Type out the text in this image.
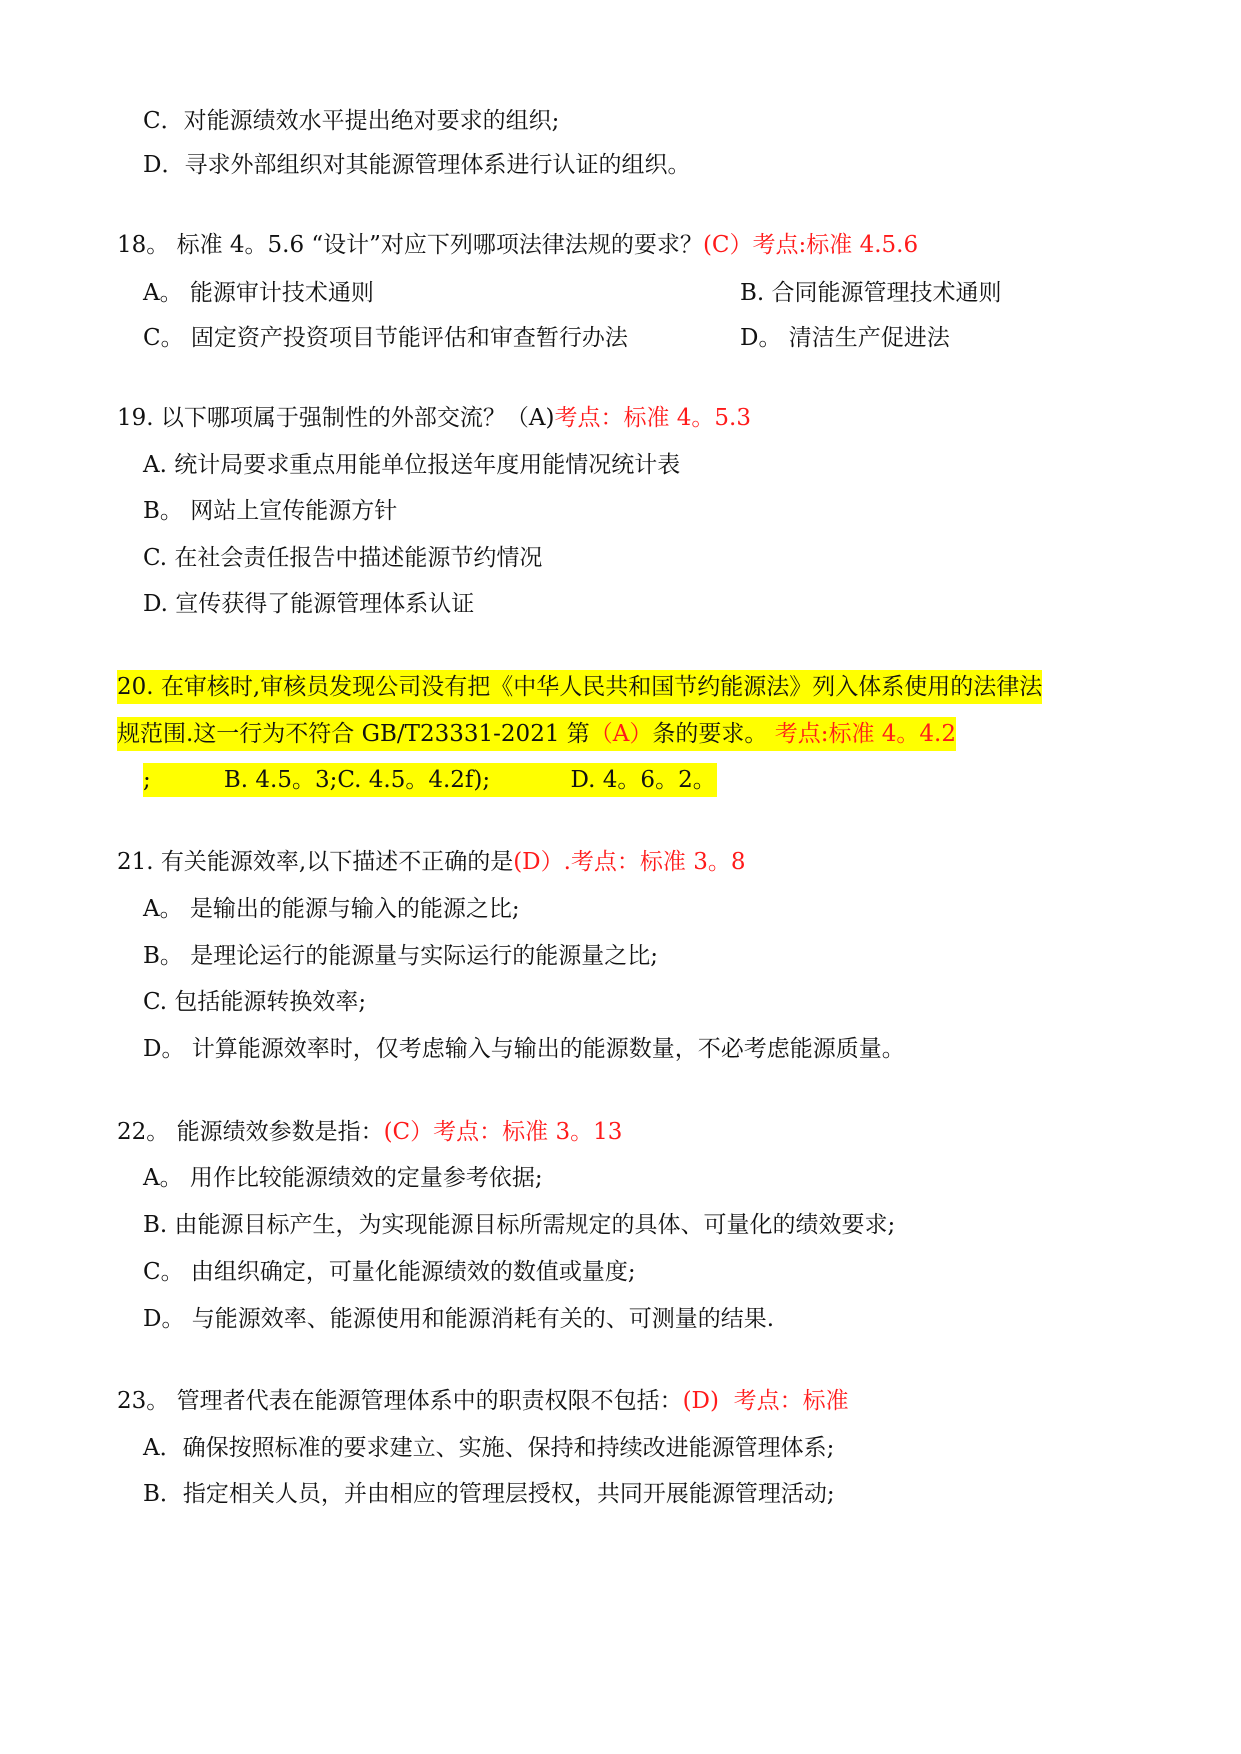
C．对能源绩效水平提出绝对要求的组织;
D．寻求外部组织对其能源管理体系进行认证的组织。
18。 标准 4。5.6 “设计”对应下列哪项法律法规的要求？(C）考点:标准 4.5.6
A。 能源审计技术通则	B. 合同能源管理技术通则
C。 固定资产投资项目节能评估和审查暂行办法	D。 清洁生产促进法
19. 以下哪项属于强制性的外部交流？（A)考点：标准 4。5.3
A. 统计局要求重点用能单位报送年度用能情况统计表
B。 网站上宣传能源方针
C. 在社会责任报告中描述能源节约情况
D. 宣传获得了能源管理体系认证
20. 在审核时,审核员发现公司没有把《中华人民共和国节约能源法》列入体系使用的法律法
规范围.这一行为不符合 GB/T23331-2021 第（A）条的要求。 考点:标准 4。4.2
;          B. 4.5。3;C. 4.5。4.2f);           D. 4。6。2。
21. 有关能源效率,以下描述不正确的是(D）.考点：标准 3。8
A。 是输出的能源与输入的能源之比;
B。 是理论运行的能源量与实际运行的能源量之比;
C. 包括能源转换效率;
D。 计算能源效率时，仅考虑输入与输出的能源数量，不必考虑能源质量。
22。 能源绩效参数是指：(C）考点：标准 3。13
A。 用作比较能源绩效的定量参考依据;
B. 由能源目标产生，为实现能源目标所需规定的具体、可量化的绩效要求;
C。 由组织确定，可量化能源绩效的数值或量度;
D。 与能源效率、能源使用和能源消耗有关的、可测量的结果.
23。 管理者代表在能源管理体系中的职责权限不包括：(D)  考点：标准
A．确保按照标准的要求建立、实施、保持和持续改进能源管理体系;
B．指定相关人员，并由相应的管理层授权，共同开展能源管理活动;
